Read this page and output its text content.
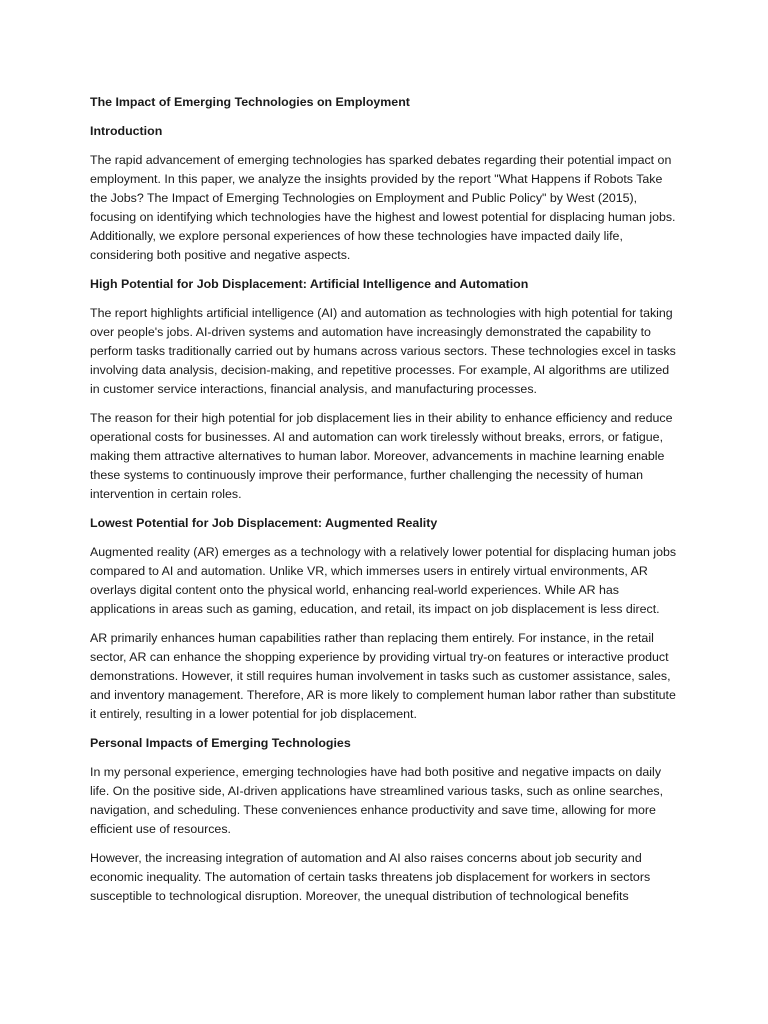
The Impact of Emerging Technologies on Employment
Introduction

The rapid advancement of emerging technologies has sparked debates regarding their potential impact on employment. In this paper, we analyze the insights provided by the report "What Happens if Robots Take the Jobs? The Impact of Emerging Technologies on Employment and Public Policy" by West (2015), focusing on identifying which technologies have the highest and lowest potential for displacing human jobs. Additionally, we explore personal experiences of how these technologies have impacted daily life, considering both positive and negative aspects.

High Potential for Job Displacement: Artificial Intelligence and Automation

The report highlights artificial intelligence (AI) and automation as technologies with high potential for taking over people's jobs. AI-driven systems and automation have increasingly demonstrated the capability to perform tasks traditionally carried out by humans across various sectors. These technologies excel in tasks involving data analysis, decision-making, and repetitive processes. For example, AI algorithms are utilized in customer service interactions, financial analysis, and manufacturing processes.

The reason for their high potential for job displacement lies in their ability to enhance efficiency and reduce operational costs for businesses. AI and automation can work tirelessly without breaks, errors, or fatigue, making them attractive alternatives to human labor. Moreover, advancements in machine learning enable these systems to continuously improve their performance, further challenging the necessity of human intervention in certain roles.

Lowest Potential for Job Displacement: Augmented Reality

Augmented reality (AR) emerges as a technology with a relatively lower potential for displacing human jobs compared to AI and automation. Unlike VR, which immerses users in entirely virtual environments, AR overlays digital content onto the physical world, enhancing real-world experiences. While AR has applications in areas such as gaming, education, and retail, its impact on job displacement is less direct.

AR primarily enhances human capabilities rather than replacing them entirely. For instance, in the retail sector, AR can enhance the shopping experience by providing virtual try-on features or interactive product demonstrations. However, it still requires human involvement in tasks such as customer assistance, sales, and inventory management. Therefore, AR is more likely to complement human labor rather than substitute it entirely, resulting in a lower potential for job displacement.

Personal Impacts of Emerging Technologies

In my personal experience, emerging technologies have had both positive and negative impacts on daily life. On the positive side, AI-driven applications have streamlined various tasks, such as online searches, navigation, and scheduling. These conveniences enhance productivity and save time, allowing for more efficient use of resources.

However, the increasing integration of automation and AI also raises concerns about job security and economic inequality. The automation of certain tasks threatens job displacement for workers in sectors susceptible to technological disruption. Moreover, the unequal distribution of technological benefits
